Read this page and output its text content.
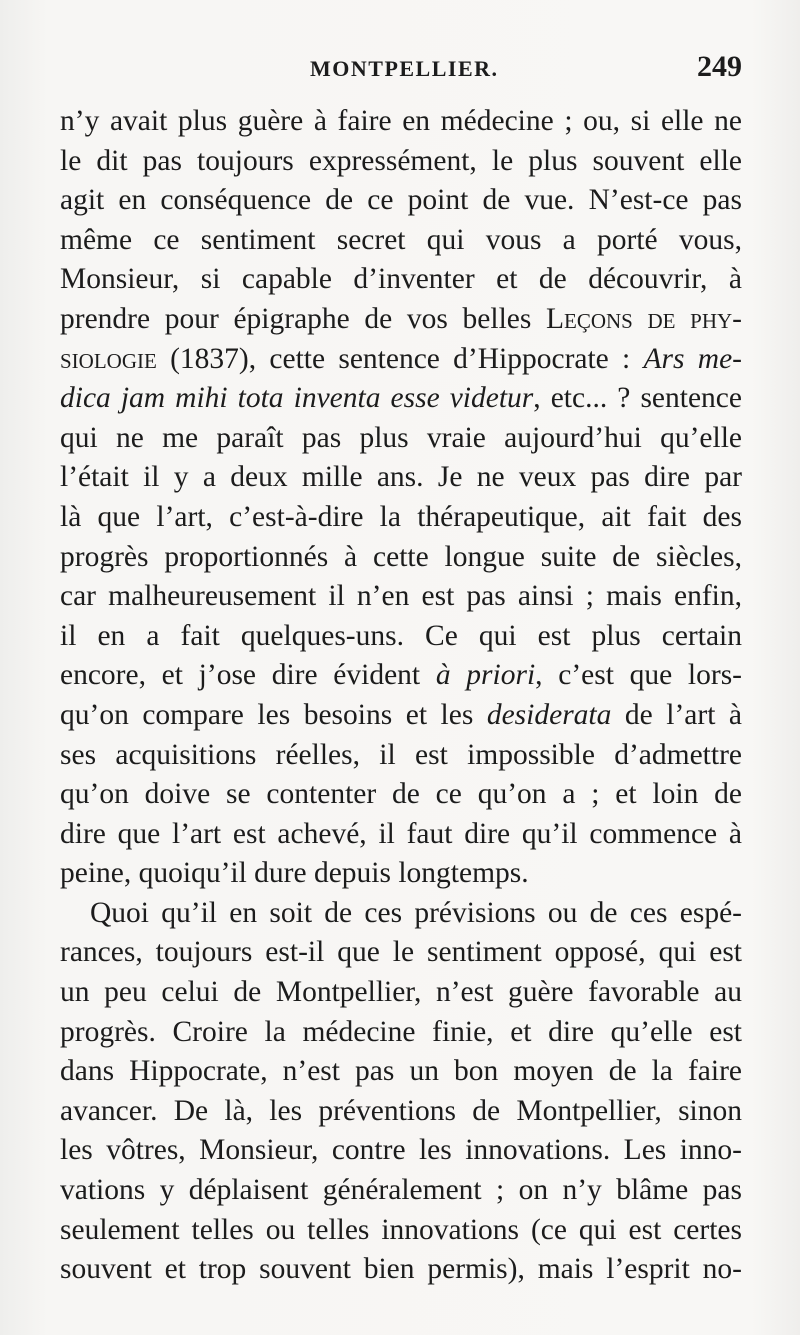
MONTPELLIER.	249
n’y avait plus guère à faire en médecine ; ou, si elle ne
le dit pas toujours expressément, le plus souvent elle
agit en conséquence de ce point de vue. N’est-ce pas
même ce sentiment secret qui vous a porté vous,
Monsieur, si capable d’inventer et de découvrir, à
prendre pour épigraphe de vos belles Leçons de phy-
siologie (1837), cette sentence d’Hippocrate : Ars me-
dica jam mihi tota inventa esse videtur, etc... ? sentence
qui ne me paraît pas plus vraie aujourd’hui qu’elle
l’était il y a deux mille ans. Je ne veux pas dire par
là que l’art, c’est-à-dire la thérapeutique, ait fait des
progrès proportionnés à cette longue suite de siècles,
car malheureusement il n’en est pas ainsi ; mais enfin,
il en a fait quelques-uns. Ce qui est plus certain
encore, et j’ose dire évident à priori, c’est que lors-
qu’on compare les besoins et les desiderata de l’art à
ses acquisitions réelles, il est impossible d’admettre
qu’on doive se contenter de ce qu’on a ; et loin de
dire que l’art est achevé, il faut dire qu’il commence à
peine, quoiqu’il dure depuis longtemps.
Quoi qu’il en soit de ces prévisions ou de ces espé-
rances, toujours est-il que le sentiment opposé, qui est
un peu celui de Montpellier, n’est guère favorable au
progrès. Croire la médecine finie, et dire qu’elle est
dans Hippocrate, n’est pas un bon moyen de la faire
avancer. De là, les préventions de Montpellier, sinon
les vôtres, Monsieur, contre les innovations. Les inno-
vations y déplaisent généralement ; on n’y blâme pas
seulement telles ou telles innovations (ce qui est certes
souvent et trop souvent bien permis), mais l’esprit no-
